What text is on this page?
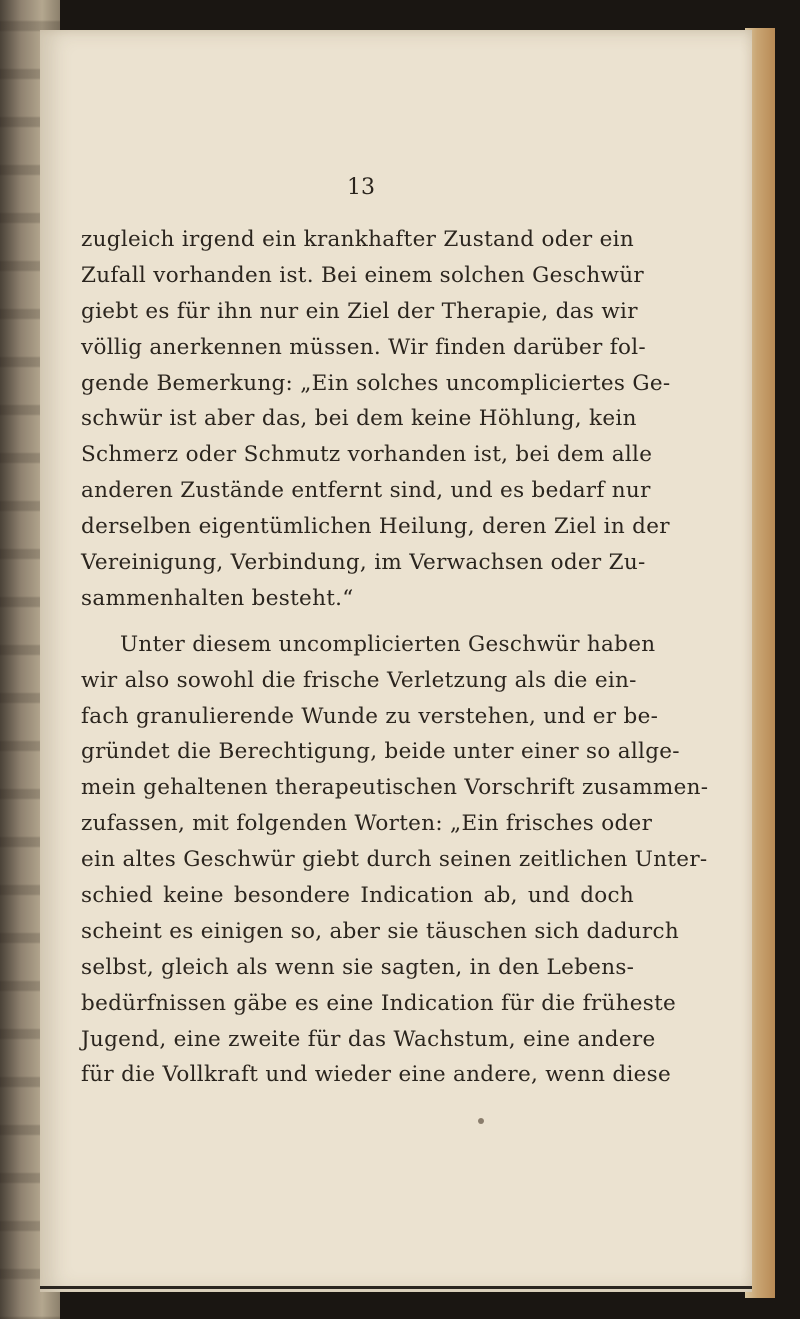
13
zugleich irgend ein krankhafter Zustand oder ein
Zufall vorhanden ist. Bei einem solchen Geschwür
giebt es für ihn nur ein Ziel der Therapie, das wir
völlig anerkennen müssen. Wir finden darüber fol-
gende Bemerkung: „Ein solches uncompliciertes Ge-
schwür ist aber das, bei dem keine Höhlung, kein
Schmerz oder Schmutz vorhanden ist, bei dem alle
anderen Zustände entfernt sind, und es bedarf nur
derselben eigentümlichen Heilung, deren Ziel in der
Vereinigung, Verbindung, im Verwachsen oder Zu-
sammenhalten besteht.“
Unter diesem uncomplicierten Geschwür haben
wir also sowohl die frische Verletzung als die ein-
fach granulierende Wunde zu verstehen, und er be-
gründet die Berechtigung, beide unter einer so allge-
mein gehaltenen therapeutischen Vorschrift zusammen-
zufassen, mit folgenden Worten: „Ein frisches oder
ein altes Geschwür giebt durch seinen zeitlichen Unter-
schied keine besondere Indication ab, und doch
scheint es einigen so, aber sie täuschen sich dadurch
selbst, gleich als wenn sie sagten, in den Lebens-
bedürfnissen gäbe es eine Indication für die früheste
Jugend, eine zweite für das Wachstum, eine andere
für die Vollkraft und wieder eine andere, wenn diese
